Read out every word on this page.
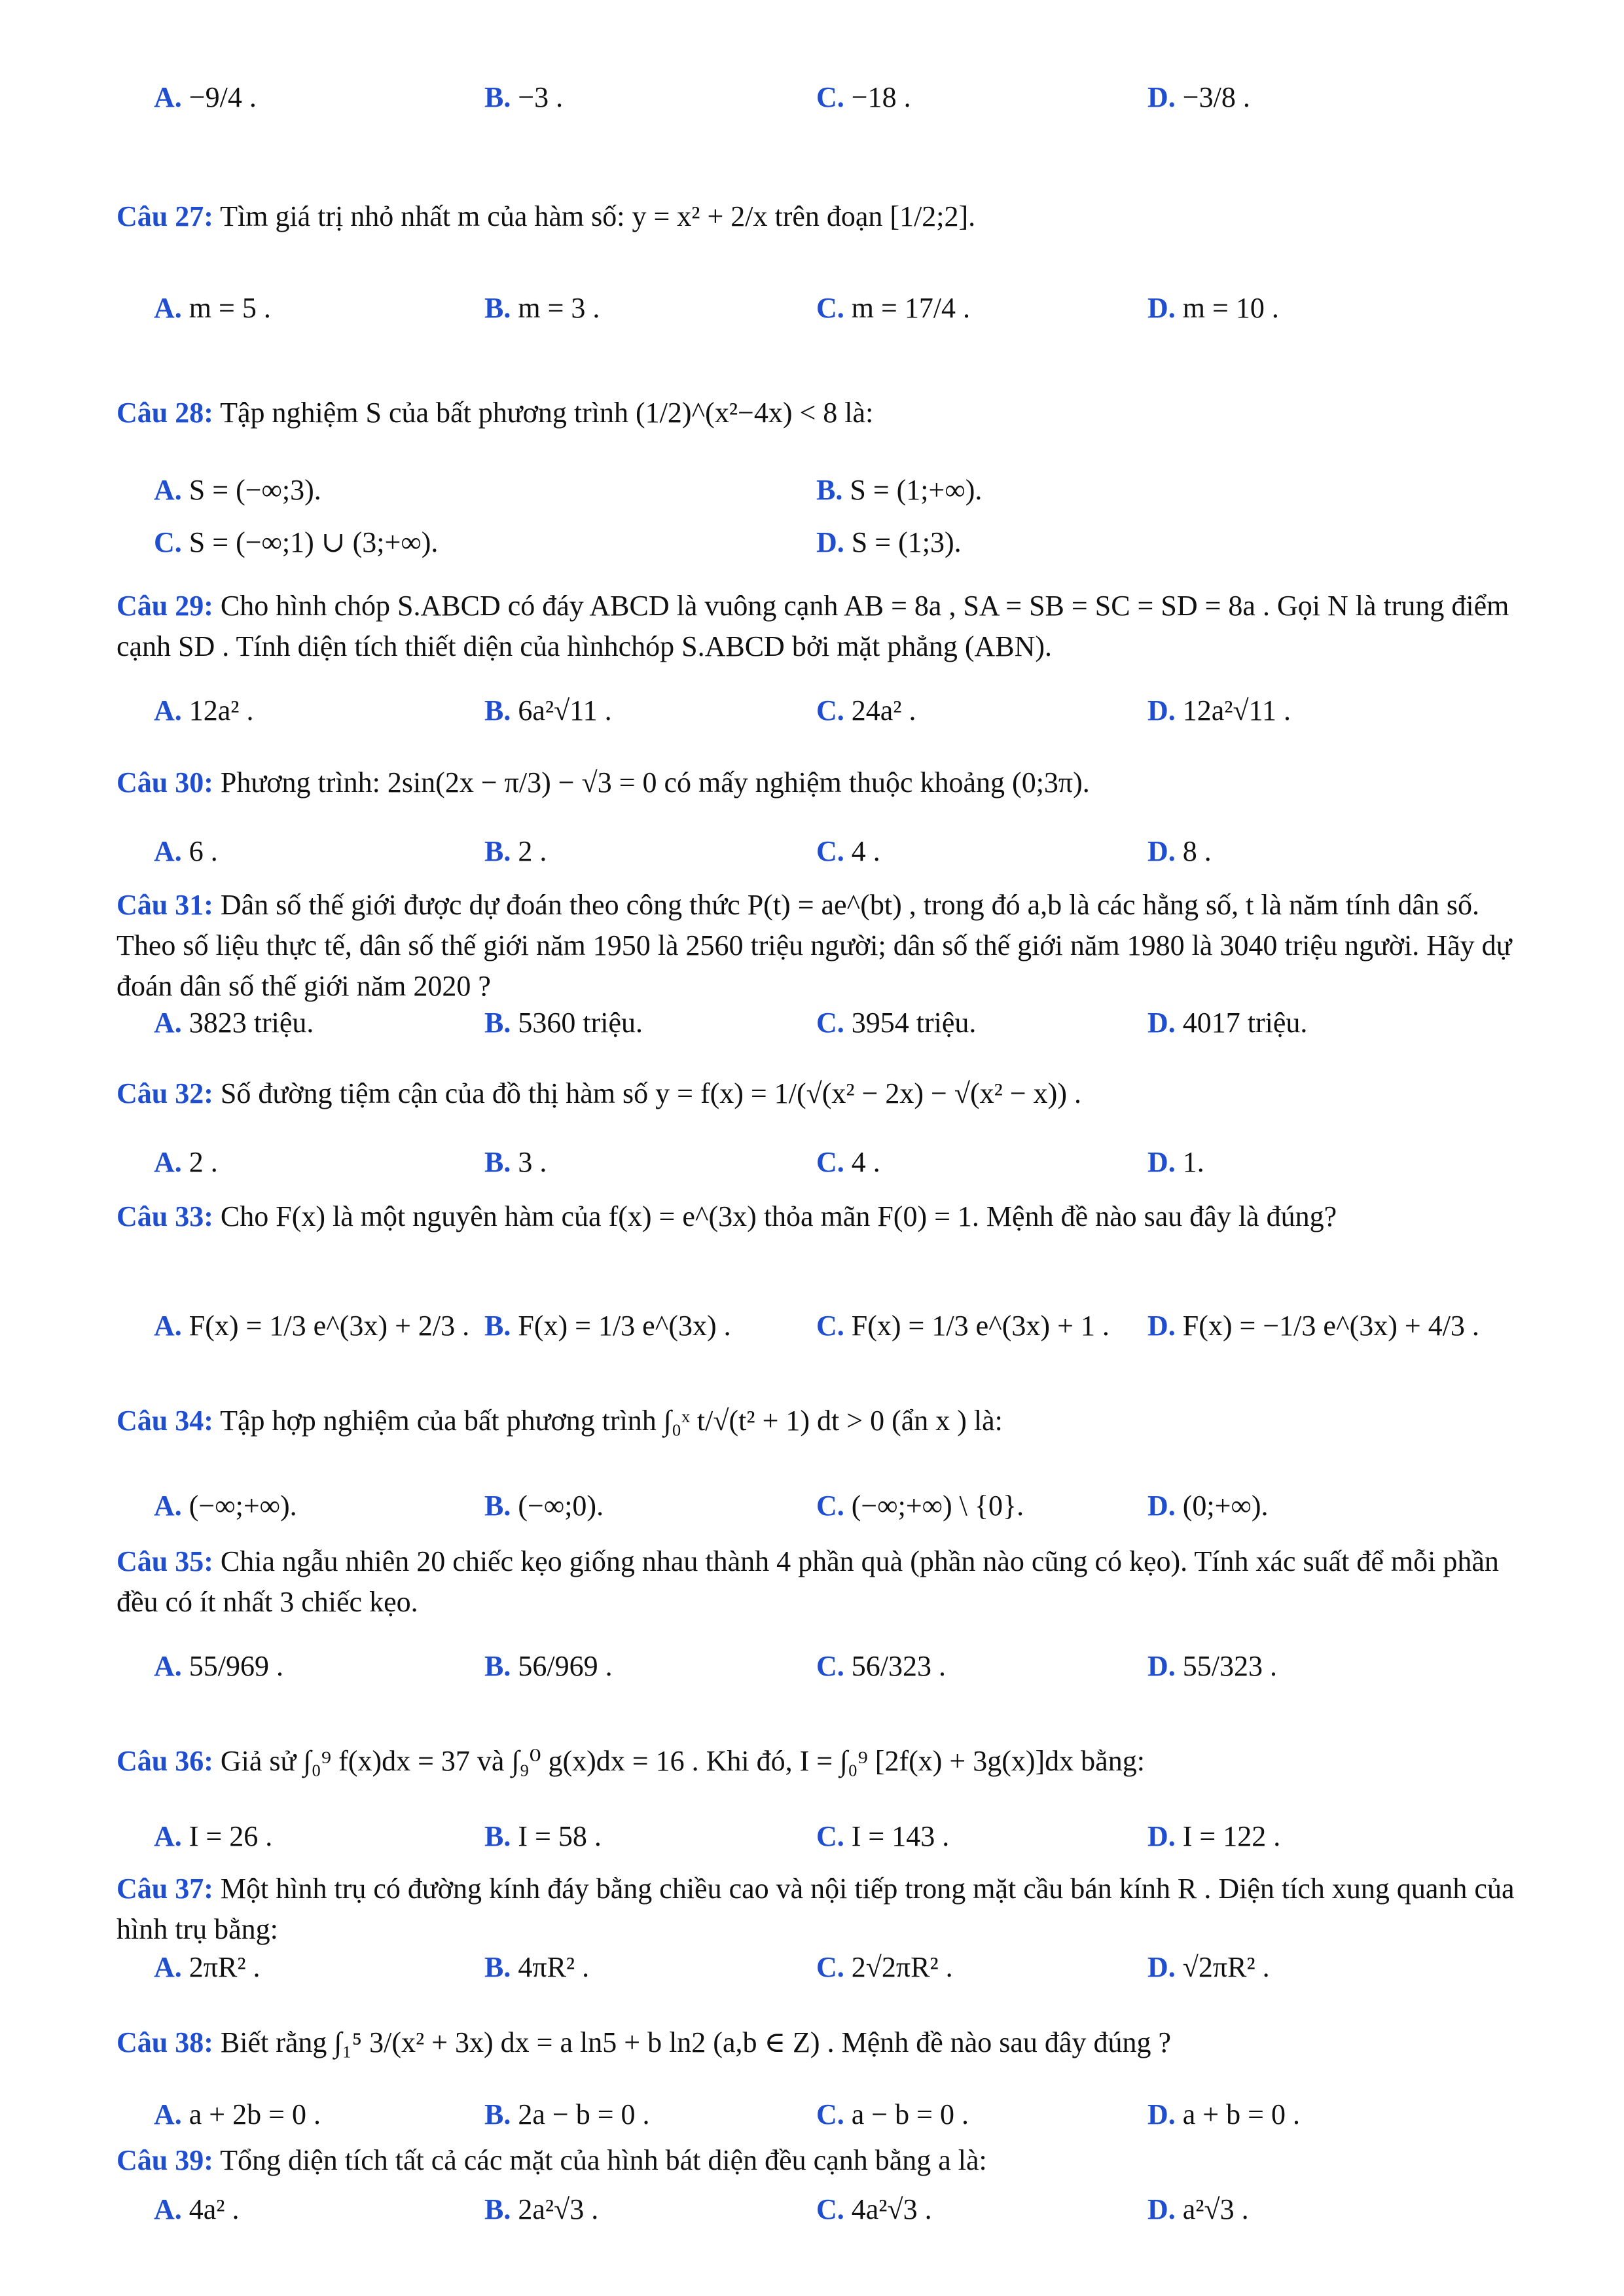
A. −9/4 .	B. −3 .	C. −18 .	D. −3/8 .
Câu 27: Tìm giá trị nhỏ nhất m của hàm số: y = x² + 2/x trên đoạn [1/2;2].
A. m = 5 .	B. m = 3 .	C. m = 17/4 .	D. m = 10 .
Câu 28: Tập nghiệm S của bất phương trình (1/2)^(x²−4x) < 8 là:
A. S = (−∞;3).	B. S = (1;+∞).
C. S = (−∞;1) ∪ (3;+∞).	D. S = (1;3).
Câu 29: Cho hình chóp S.ABCD có đáy ABCD là vuông cạnh AB = 8a , SA = SB = SC = SD = 8a . Gọi N là trung điểm cạnh SD . Tính diện tích thiết diện của hìnhchóp S.ABCD bởi mặt phẳng (ABN).
A. 12a² .	B. 6a²√11 .	C. 24a² .	D. 12a²√11 .
Câu 30: Phương trình: 2sin(2x − π/3) − √3 = 0 có mấy nghiệm thuộc khoảng (0;3π).
A. 6 .	B. 2 .	C. 4 .	D. 8 .
Câu 31: Dân số thế giới được dự đoán theo công thức P(t) = ae^(bt) , trong đó a,b là các hằng số, t là năm tính dân số. Theo số liệu thực tế, dân số thế giới năm 1950 là 2560 triệu người; dân số thế giới năm 1980 là 3040 triệu người. Hãy dự đoán dân số thế giới năm 2020 ?
A. 3823 triệu.	B. 5360 triệu.	C. 3954 triệu.	D. 4017 triệu.
Câu 32: Số đường tiệm cận của đồ thị hàm số y = f(x) = 1/(√(x² − 2x) − √(x² − x)) .
A. 2 .	B. 3 .	C. 4 .	D. 1.
Câu 33: Cho F(x) là một nguyên hàm của f(x) = e^(3x) thỏa mãn F(0) = 1. Mệnh đề nào sau đây là đúng?
A. F(x) = 1/3 e^(3x) + 2/3 . B. F(x) = 1/3 e^(3x) .	C. F(x) = 1/3 e^(3x) + 1 . D. F(x) = −1/3 e^(3x) + 4/3 .
Câu 34: Tập hợp nghiệm của bất phương trình ∫₀ˣ t/√(t² + 1) dt > 0 (ẩn x ) là:
A. (−∞;+∞).	B. (−∞;0).	C. (−∞;+∞) \ {0}.	D. (0;+∞).
Câu 35: Chia ngẫu nhiên 20 chiếc kẹo giống nhau thành 4 phần quà (phần nào cũng có kẹo). Tính xác suất để mỗi phần đều có ít nhất 3 chiếc kẹo.
A. 55/969 .	B. 56/969 .	C. 56/323 .	D. 55/323 .
Câu 36: Giả sử ∫₀⁹ f(x)dx = 37 và ∫₉⁰ g(x)dx = 16 . Khi đó, I = ∫₀⁹ [2f(x) + 3g(x)]dx bằng:
A. I = 26 .	B. I = 58 .	C. I = 143 .	D. I = 122 .
Câu 37: Một hình trụ có đường kính đáy bằng chiều cao và nội tiếp trong mặt cầu bán kính R . Diện tích xung quanh của hình trụ bằng:
A. 2πR² .	B. 4πR² .	C. 2√2πR² .	D. √2πR² .
Câu 38: Biết rằng ∫₁⁵ 3/(x² + 3x) dx = a ln5 + b ln2 (a,b ∈ Z) . Mệnh đề nào sau đây đúng ?
A. a + 2b = 0 .	B. 2a − b = 0 .	C. a − b = 0 .	D. a + b = 0 .
Câu 39: Tổng diện tích tất cả các mặt của hình bát diện đều cạnh bằng a là:
A. 4a² .	B. 2a²√3 .	C. 4a²√3 .	D. a²√3 .
